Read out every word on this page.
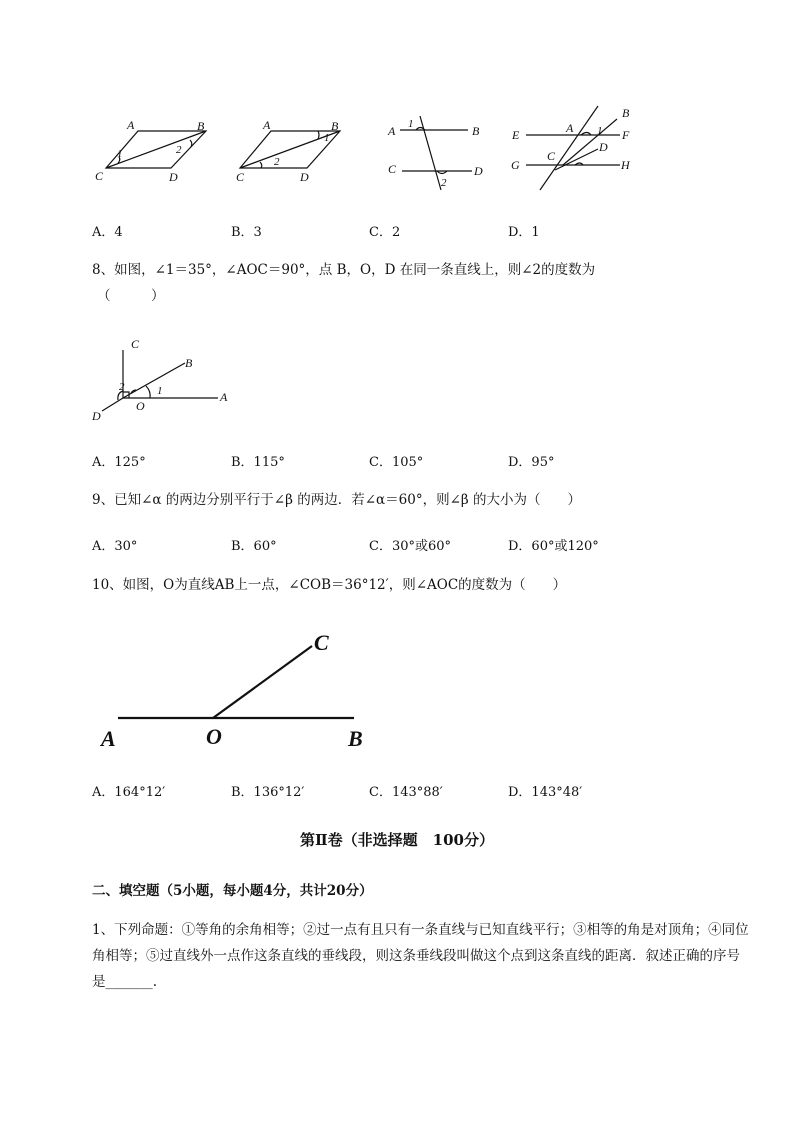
A	B
C	D
1	2
A	B
C	D
1
2
A	B
C	D
1
2
B
E	A 1 F
D
G
C
H
A．4	B．3	C．2	D．1
8、如图，∠1＝35°，∠AOC＝90°，点 B，O，D 在同一条直线上，则∠2的度数为
（　　　）
C
B
2	1
O
A
D
A．125°	B．115°	C．105°	D．95°
9、已知∠α 的两边分别平行于∠β 的两边．若∠α＝60°，则∠β 的大小为（　　）
A．30°	B．60°	C．30°或60°	D．60°或120°
10、如图，O为直线AB上一点，∠COB＝36°12′，则∠AOC的度数为（　　）
C
A	O	B
A．164°12′	B．136°12′	C．143°88′	D．143°48′
第Ⅱ卷（非选择题　100分）
二、填空题（5小题，每小题4分，共计20分）
1、下列命题：①等角的余角相等；②过一点有且只有一条直线与已知直线平行；③相等的角是对顶角；④同位角相等；⑤过直线外一点作这条直线的垂线段，则这条垂线段叫做这个点到这条直线的距离．叙述正确的序号是_______.
